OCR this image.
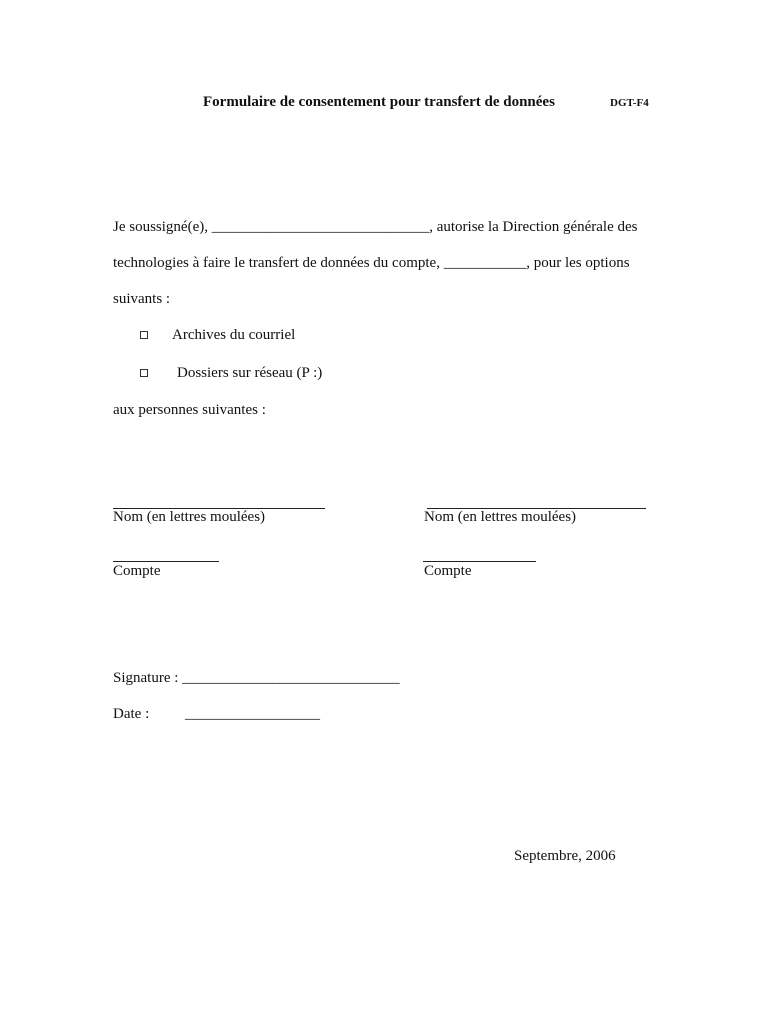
Formulaire de consentement pour transfert de données	DGT-F4
Je soussigné(e), _____________________________, autorise la Direction générale des
technologies à faire le transfert de données du compte, ___________, pour les options
suivants :
Archives du courriel
Dossiers sur réseau (P :)
aux personnes suivantes :
Nom (en lettres moulées)
Compte
Nom (en lettres moulées)
Compte
Signature : _____________________________
Date : __________________
Septembre, 2006
